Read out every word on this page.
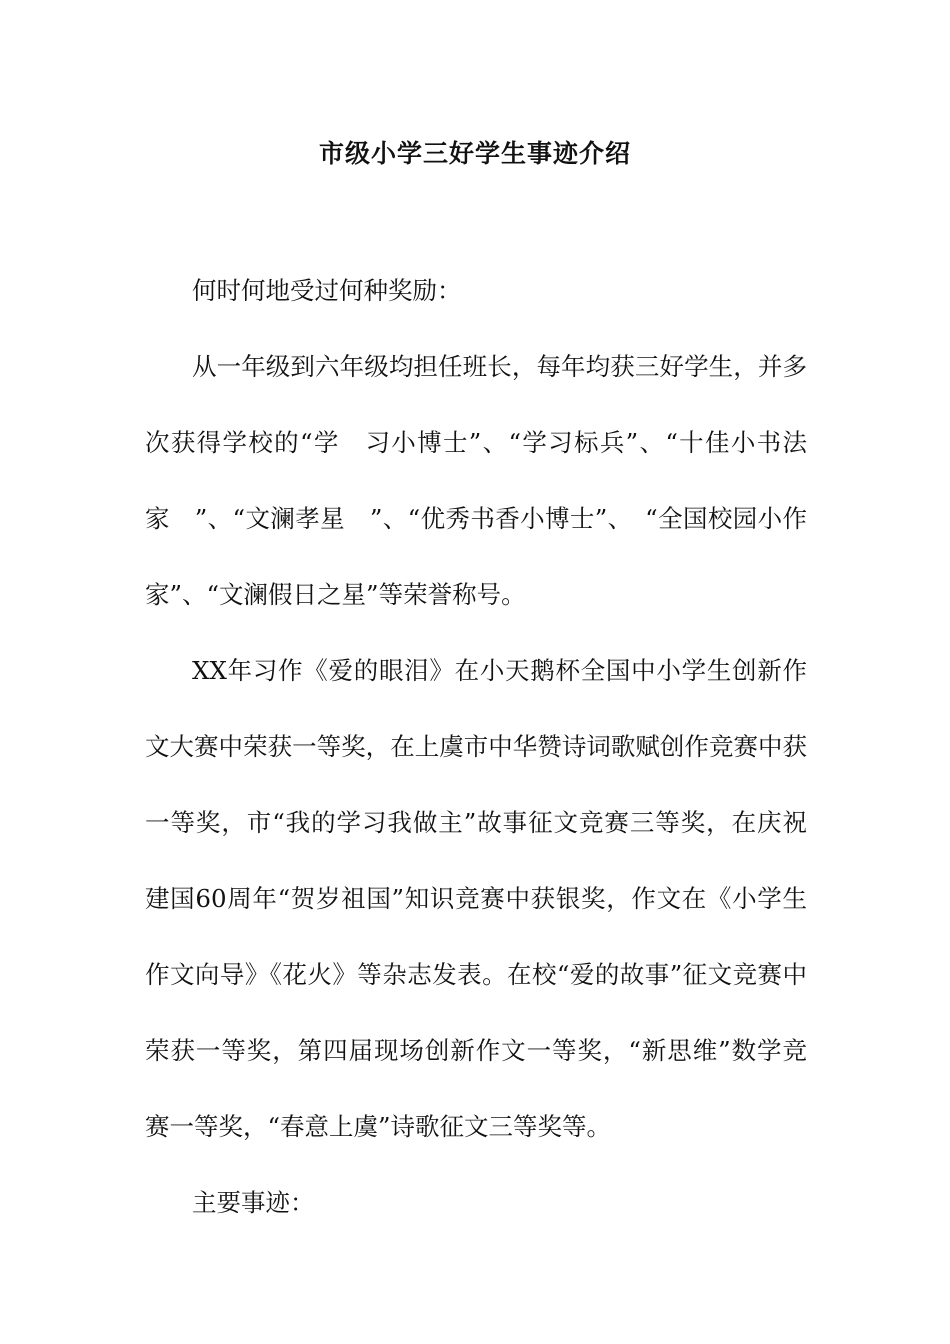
市级小学三好学生事迹介绍

何时何地受过何种奖励：

从一年级到六年级均担任班长，每年均获三好学生，并多次获得学校的“学　习小博士”、“学习标兵”、“十佳小书法家　”、“文澜孝星　”、“优秀书香小博士”、　“全国校园小作家”、“文澜假日之星”等荣誉称号。

XX年习作《爱的眼泪》在小天鹅杯全国中小学生创新作文大赛中荣获一等奖，在上虞市中华赞诗词歌赋创作竞赛中获一等奖，市“我的学习我做主”故事征文竞赛三等奖，在庆祝建国60周年“贺岁祖国”知识竞赛中获银奖，作文在《小学生作文向导》《花火》等杂志发表。在校“爱的故事”征文竞赛中荣获一等奖，第四届现场创新作文一等奖，“新思维”数学竞赛一等奖，“春意上虞”诗歌征文三等奖等。

主要事迹：
